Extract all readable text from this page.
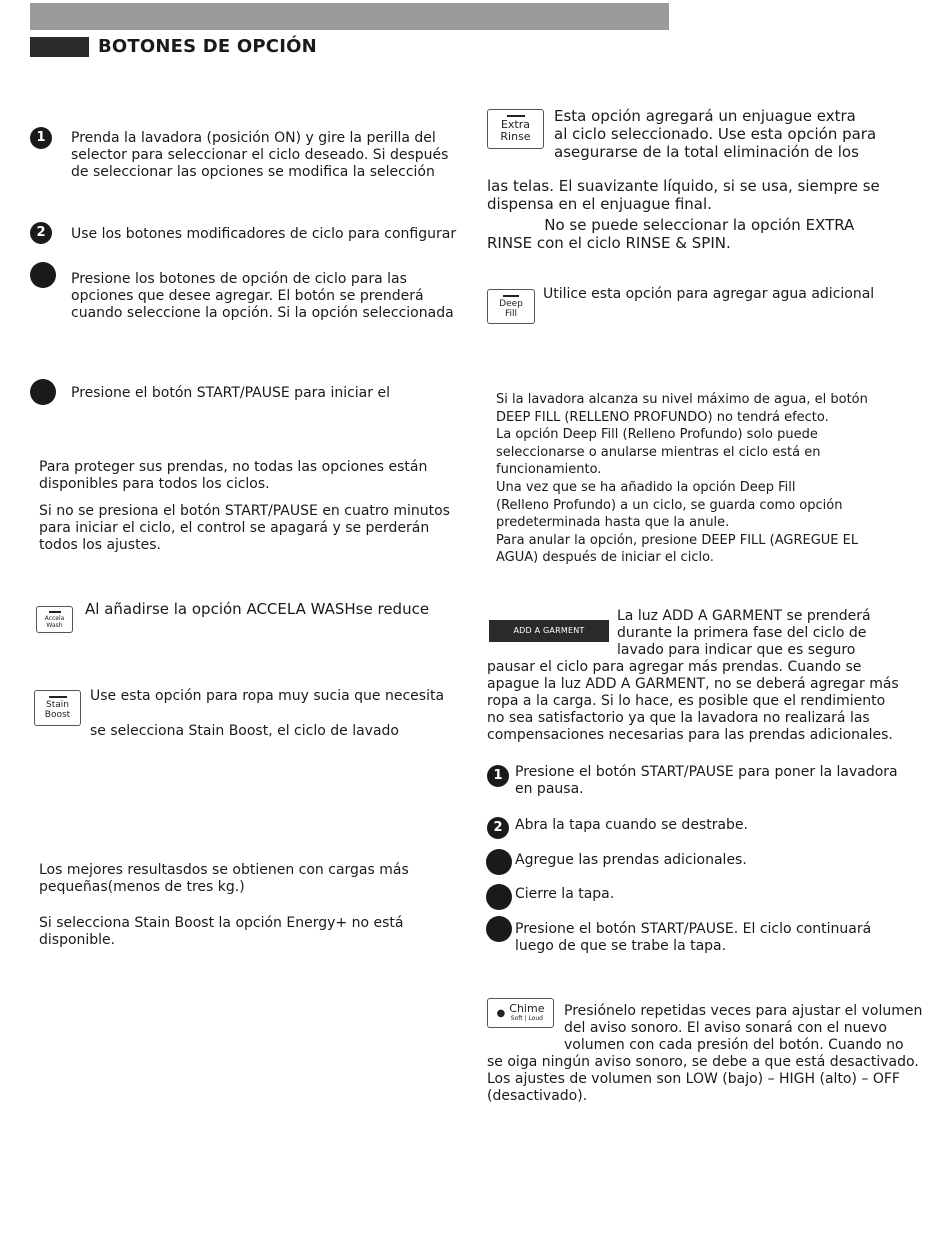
BOTONES DE OPCIÓN
1	Prenda la lavadora (posición ON) y gire la perilla del
selector para seleccionar el ciclo deseado. Si después
de seleccionar las opciones se modifica la selección

2	Use los botones modificadores de ciclo para configurar

Presione los botones de opción de ciclo para las
opciones que desee agregar. El botón se prenderá
cuando seleccione la opción. Si la opción seleccionada

Presione el botón START/PAUSE para iniciar el

Para proteger sus prendas, no todas las opciones están
disponibles para todos los ciclos.

Si no se presiona el botón START/PAUSE en cuatro minutos
para iniciar el ciclo, el control se apagará y se perderán
todos los ajustes.

Accela
Wash

Al añadirse la opción ACCELA WASHse reduce

Stain
Boost

Use esta opción para ropa muy sucia que necesita

se selecciona Stain Boost, el ciclo de lavado

Los mejores resultasdos se obtienen con cargas más
pequeñas(menos de tres kg.)

Si selecciona Stain Boost la opción Energy+ no está
disponible.

Extra
Rinse

Esta opción agregará un enjuague extra
al ciclo seleccionado. Use esta opción para
asegurarse de la total eliminación de los

las telas. El suavizante líquido, si se usa, siempre se
dispensa en el enjuague final.

No se puede seleccionar la opción EXTRA
RINSE con el ciclo RINSE & SPIN.

Deep
Fill

Utilice esta opción para agregar agua adicional

Si la lavadora alcanza su nivel máximo de agua, el botón
DEEP FILL (RELLENO PROFUNDO) no tendrá efecto.
La opción Deep Fill (Relleno Profundo) solo puede
seleccionarse o anularse mientras el ciclo está en
funcionamiento.
Una vez que se ha añadido la opción Deep Fill
(Relleno Profundo) a un ciclo, se guarda como opción
predeterminada hasta que la anule.
Para anular la opción, presione DEEP FILL (AGREGUE EL
AGUA) después de iniciar el ciclo.

ADD A GARMENT

La luz ADD A GARMENT se prenderá
durante la primera fase del ciclo de
lavado para indicar que es seguro

pausar el ciclo para agregar más prendas. Cuando se
apague la luz ADD A GARMENT, no se deberá agregar más
ropa a la carga. Si lo hace, es posible que el rendimiento
no sea satisfactorio ya que la lavadora no realizará las
compensaciones necesarias para las prendas adicionales.

1 Presione el botón START/PAUSE para poner la lavadora
en pausa.

2 Abra la tapa cuando se destrabe.

Agregue las prendas adicionales.

Cierre la tapa.

Presione el botón START/PAUSE. El ciclo continuará
luego de que se trabe la tapa.

● Chime
Soft | Loud Presiónelo repetidas veces para ajustar el volumen
del aviso sonoro. El aviso sonará con el nuevo
volumen con cada presión del botón. Cuando no

se oiga ningún aviso sonoro, se debe a que está desactivado.
Los ajustes de volumen son LOW (bajo) – HIGH (alto) – OFF
(desactivado).
